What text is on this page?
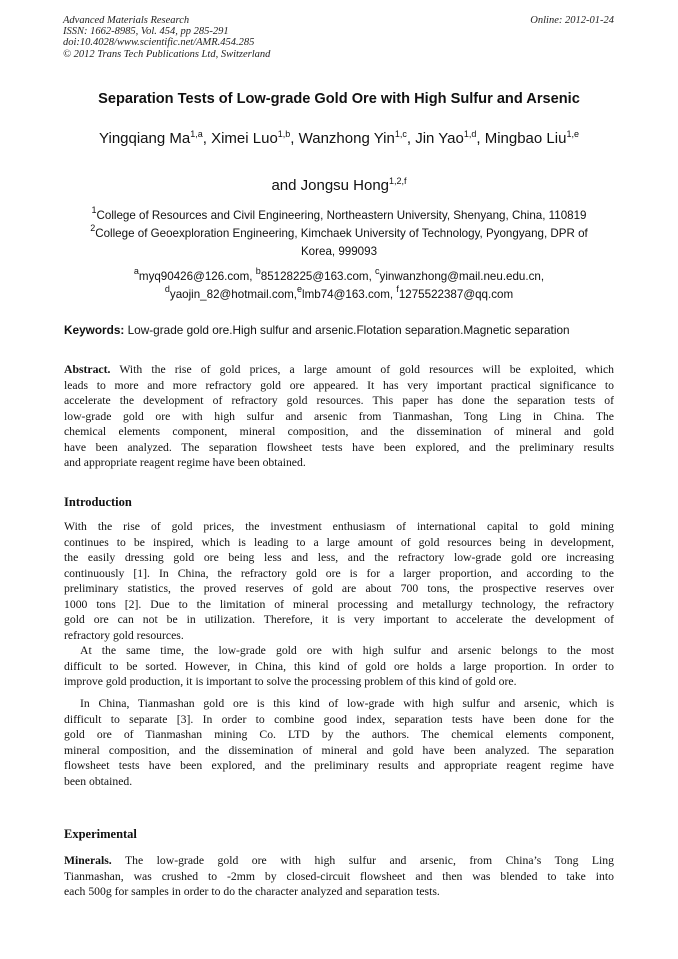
Advanced Materials Research
ISSN: 1662-8985, Vol. 454, pp 285-291
doi:10.4028/www.scientific.net/AMR.454.285
© 2012 Trans Tech Publications Ltd, Switzerland
Online: 2012-01-24
Separation Tests of Low-grade Gold Ore with High Sulfur and Arsenic
Yingqiang Ma$^{1,a}$, Ximei Luo$^{1,b}$, Wanzhong Yin$^{1,c}$, Jin Yao$^{1,d}$, Mingbao Liu$^{1,e}$
and Jongsu Hong$^{1,2,f}$
$^1$College of Resources and Civil Engineering, Northeastern University, Shenyang, China, 110819
$^2$College of Geoexploration Engineering, Kimchaek University of Technology, Pyongyang, DPR of
Korea, 999093
$^a$myq90426@126.com, $^b$85128225@163.com, $^c$yinwanzhong@mail.neu.edu.cn,
$^d$yaojin_82@hotmail.com,$^e$lmb74@163.com, $^f$1275522387@qq.com
Keywords: Low-grade gold ore.High sulfur and arsenic.Flotation separation.Magnetic separation
Abstract. With the rise of gold prices, a large amount of gold resources will be exploited, which
leads to more and more refractory gold ore appeared. It has very important practical significance to
accelerate the development of refractory gold resources. This paper has done the separation tests of
low-grade gold ore with high sulfur and arsenic from Tianmashan, Tong Ling in China. The
chemical elements component, mineral composition, and the dissemination of mineral and gold
have been analyzed. The separation flowsheet tests have been explored, and the preliminary results
and appropriate reagent regime have been obtained.
Introduction
With the rise of gold prices, the investment enthusiasm of international capital to gold mining
continues to be inspired, which is leading to a large amount of gold resources being in development,
the easily dressing gold ore being less and less, and the refractory low-grade gold ore increasing
continuously [1]. In China, the refractory gold ore is for a larger proportion, and according to the
preliminary statistics, the proved reserves of gold are about 700 tons, the prospective reserves over
1000 tons [2]. Due to the limitation of mineral processing and metallurgy technology, the refractory
gold ore can not be in utilization. Therefore, it is very important to accelerate the development of
refractory gold resources.
At the same time, the low-grade gold ore with high sulfur and arsenic belongs to the most
difficult to be sorted. However, in China, this kind of gold ore holds a large proportion. In order to
improve gold production, it is important to solve the processing problem of this kind of gold ore.
In China, Tianmashan gold ore is this kind of low-grade with high sulfur and arsenic, which is
difficult to separate [3]. In order to combine good index, separation tests have been done for the
gold ore of Tianmashan mining Co. LTD by the authors. The chemical elements component,
mineral composition, and the dissemination of mineral and gold have been analyzed. The separation
flowsheet tests have been explored, and the preliminary results and appropriate reagent regime have
been obtained.
Experimental
Minerals. The low-grade gold ore with high sulfur and arsenic, from China’s Tong Ling
Tianmashan, was crushed to -2mm by closed-circuit flowsheet and then was blended to take into
each 500g for samples in order to do the character analyzed and separation tests.
